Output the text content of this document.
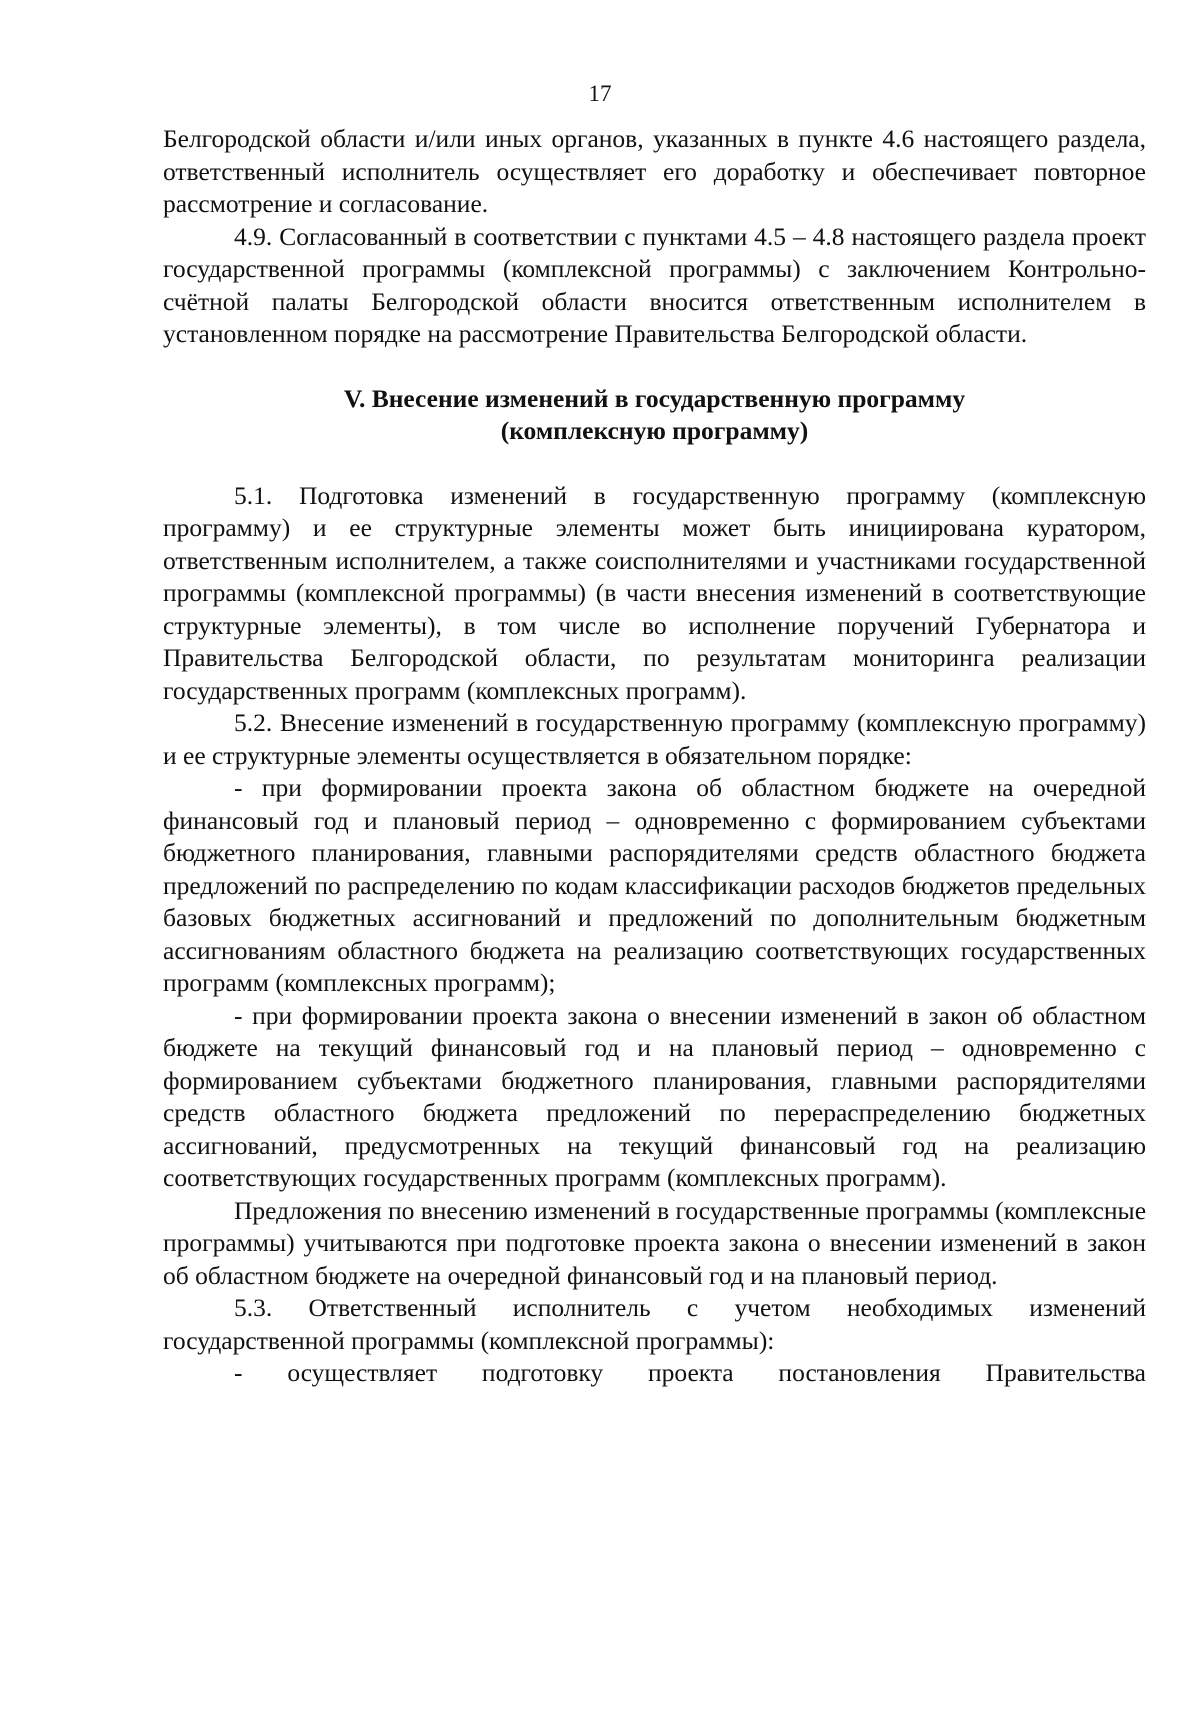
17

Белгородской области и/или иных органов, указанных в пункте 4.6 настоящего раздела, ответственный исполнитель осуществляет его доработку и обеспечивает повторное рассмотрение и согласование.

4.9. Согласованный в соответствии с пунктами 4.5 – 4.8 настоящего раздела проект государственной программы (комплексной программы) с заключением Контрольно-счётной палаты Белгородской области вносится ответственным исполнителем в установленном порядке на рассмотрение Правительства Белгородской области.

V. Внесение изменений в государственную программу
(комплексную программу)

5.1. Подготовка изменений в государственную программу (комплексную программу) и ее структурные элементы может быть инициирована куратором, ответственным исполнителем, а также соисполнителями и участниками государственной программы (комплексной программы) (в части внесения изменений в соответствующие структурные элементы), в том числе во исполнение поручений Губернатора и Правительства Белгородской области, по результатам мониторинга реализации государственных программ (комплексных программ).

5.2. Внесение изменений в государственную программу (комплексную программу) и ее структурные элементы осуществляется в обязательном порядке:

- при формировании проекта закона об областном бюджете на очередной финансовый год и плановый период – одновременно с формированием субъектами бюджетного планирования, главными распорядителями средств областного бюджета предложений по распределению по кодам классификации расходов бюджетов предельных базовых бюджетных ассигнований и предложений по дополнительным бюджетным ассигнованиям областного бюджета на реализацию соответствующих государственных программ (комплексных программ);

- при формировании проекта закона о внесении изменений в закон об областном бюджете на текущий финансовый год и на плановый период – одновременно с формированием субъектами бюджетного планирования, главными распорядителями средств областного бюджета предложений по перераспределению бюджетных ассигнований, предусмотренных на текущий финансовый год на реализацию соответствующих государственных программ (комплексных программ).

Предложения по внесению изменений в государственные программы (комплексные программы) учитываются при подготовке проекта закона о внесении изменений в закон об областном бюджете на очередной финансовый год и на плановый период.

5.3. Ответственный исполнитель с учетом необходимых изменений государственной программы (комплексной программы):

- осуществляет подготовку проекта постановления Правительства
